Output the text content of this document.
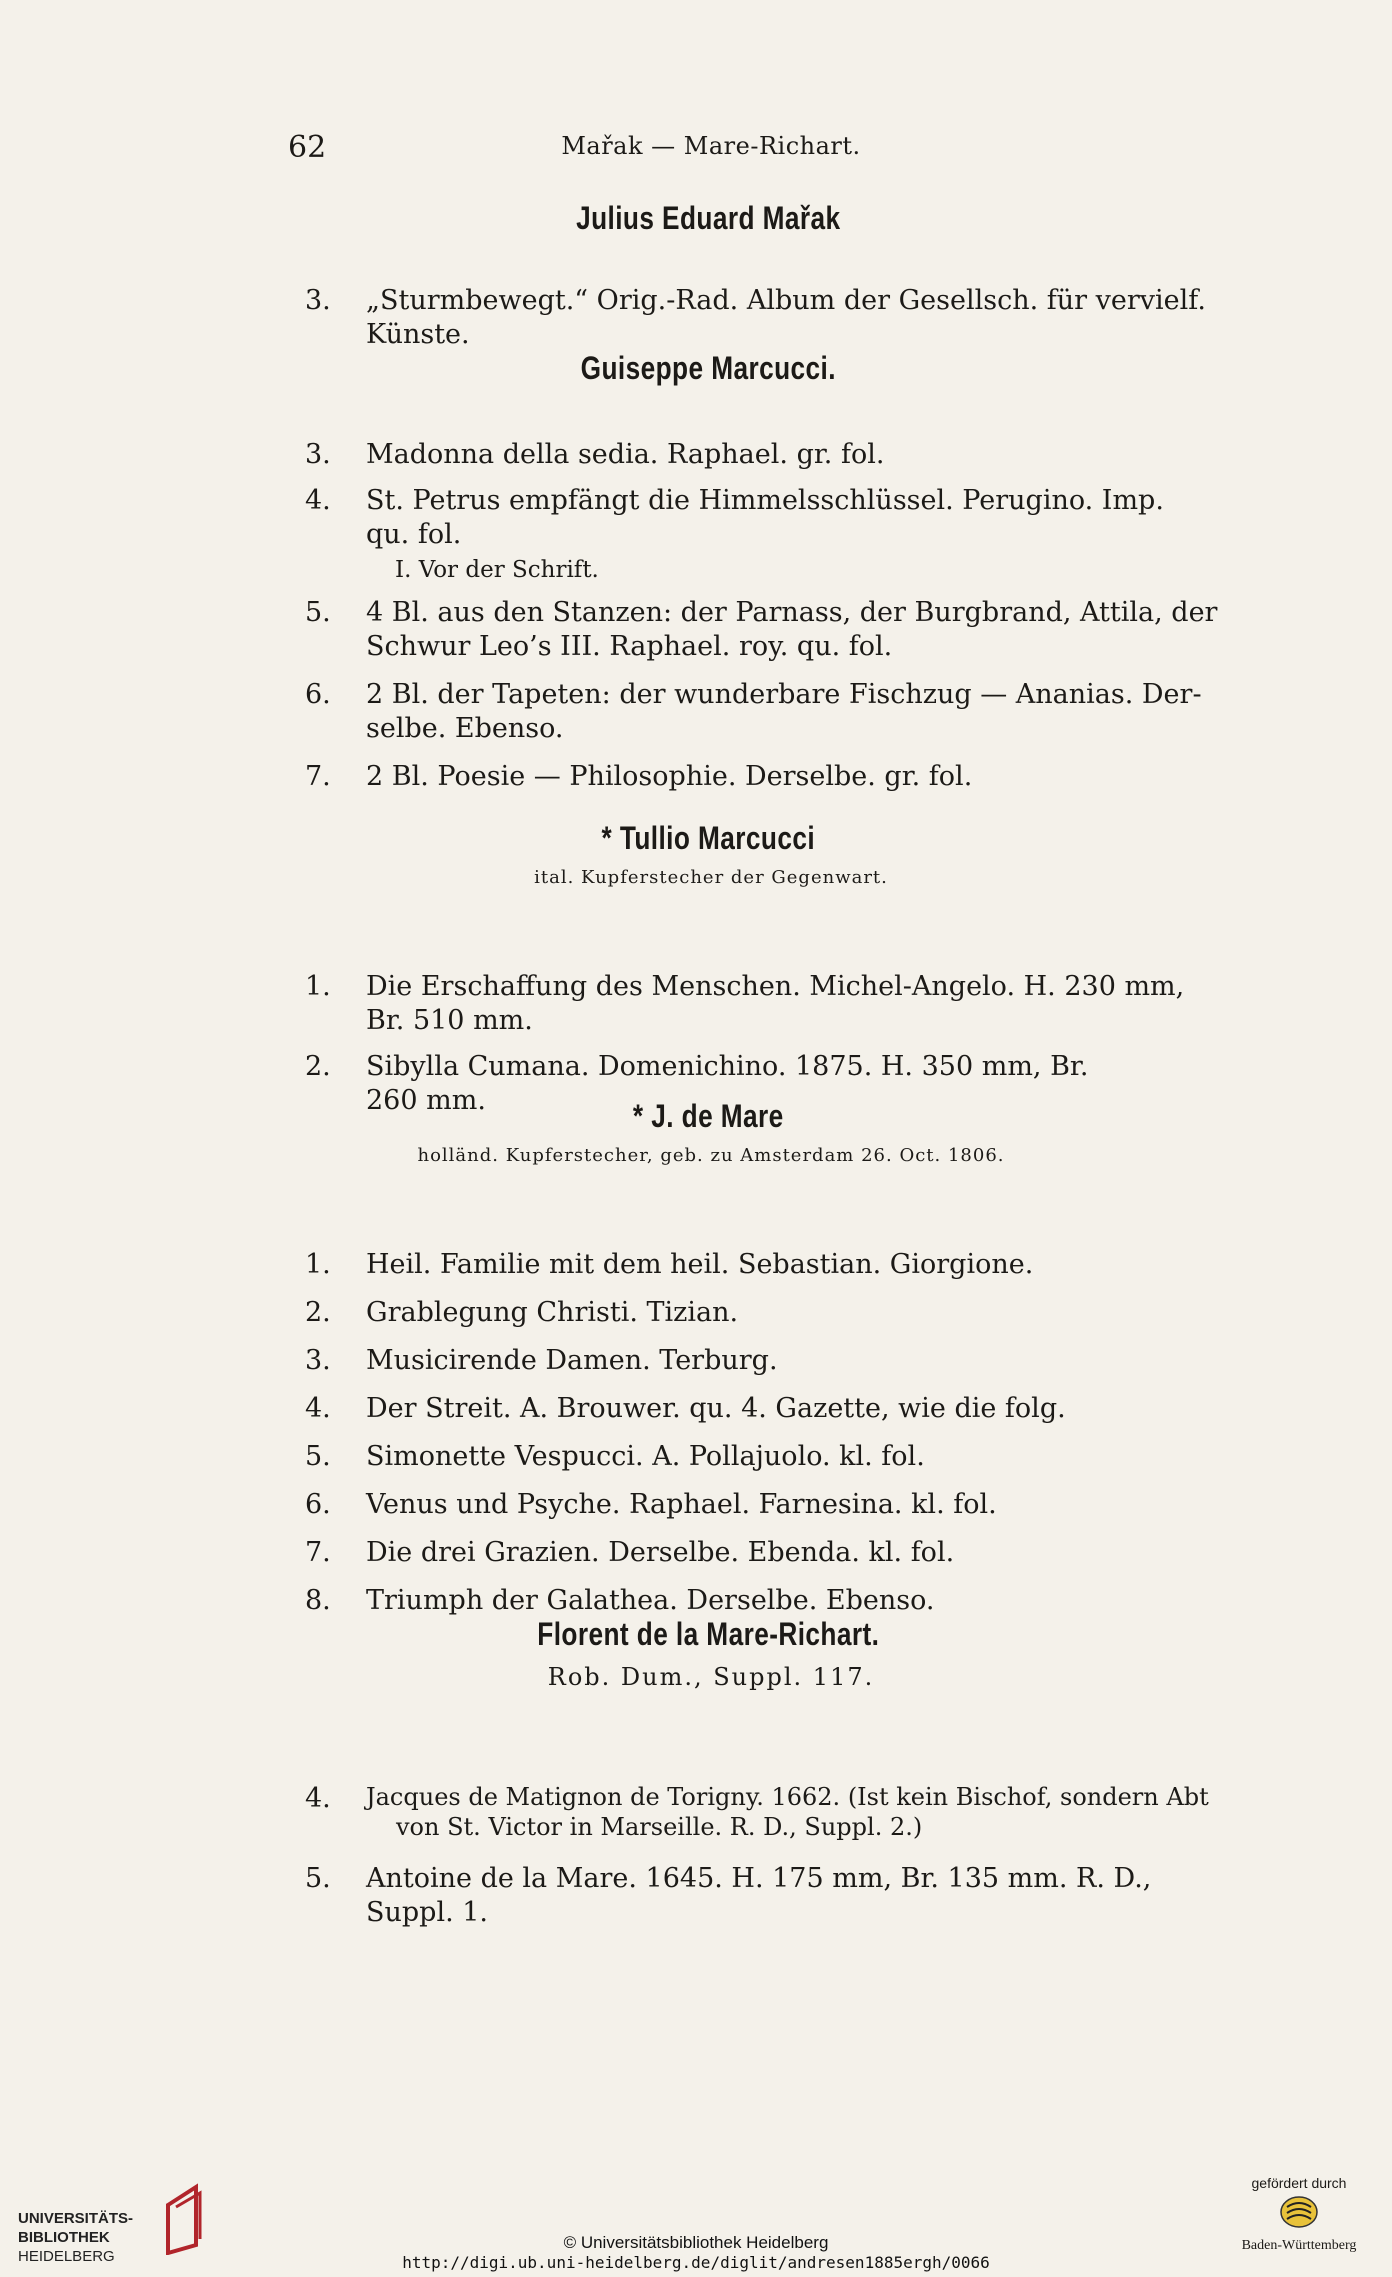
62	Mařak — Mare-Richart.
Julius Eduard Mařak
3. „Sturmbewegt.“ Orig.-Rad. Album der Gesellsch. für vervielf.
Künste.
Guiseppe Marcucci.
3. Madonna della sedia. Raphael. gr. fol.
4. St. Petrus empfängt die Himmelsschlüssel. Perugino. Imp.
qu. fol.
I. Vor der Schrift.
5. 4 Bl. aus den Stanzen: der Parnass, der Burgbrand, Attila, der
Schwur Leo’s III. Raphael. roy. qu. fol.
6. 2 Bl. der Tapeten: der wunderbare Fischzug — Ananias. Der-
selbe. Ebenso.
7. 2 Bl. Poesie — Philosophie. Derselbe. gr. fol.
* Tullio Marcucci
ital. Kupferstecher der Gegenwart.
1. Die Erschaffung des Menschen. Michel-Angelo. H. 230 mm,
Br. 510 mm.
2. Sibylla Cumana. Domenichino. 1875. H. 350 mm, Br.
260 mm.	* J. de Mare
holländ. Kupferstecher, geb. zu Amsterdam 26. Oct. 1806.
1. Heil. Familie mit dem heil. Sebastian. Giorgione.
2. Grablegung Christi. Tizian.
3. Musicirende Damen. Terburg.
4. Der Streit. A. Brouwer. qu. 4. Gazette, wie die folg.
5. Simonette Vespucci. A. Pollajuolo. kl. fol.
6. Venus und Psyche. Raphael. Farnesina. kl. fol.
7. Die drei Grazien. Derselbe. Ebenda. kl. fol.
8. Triumph der Galathea. Derselbe. Ebenso.
Florent de la Mare-Richart.
Rob. Dum., Suppl. 117.
4. Jacques de Matignon de Torigny. 1662. (Ist kein Bischof, sondern Abt
von St. Victor in Marseille. R. D., Suppl. 2.)
5. Antoine de la Mare. 1645. H. 175 mm, Br. 135 mm. R. D.,
Suppl. 1.
UNIVERSITÄTS-
BIBLIOTHEK
HEIDELBERG
© Universitätsbibliothek Heidelberg
http://digi.ub.uni-heidelberg.de/diglit/andresen1885ergh/0066
gefördert durch
Baden-Württemberg
